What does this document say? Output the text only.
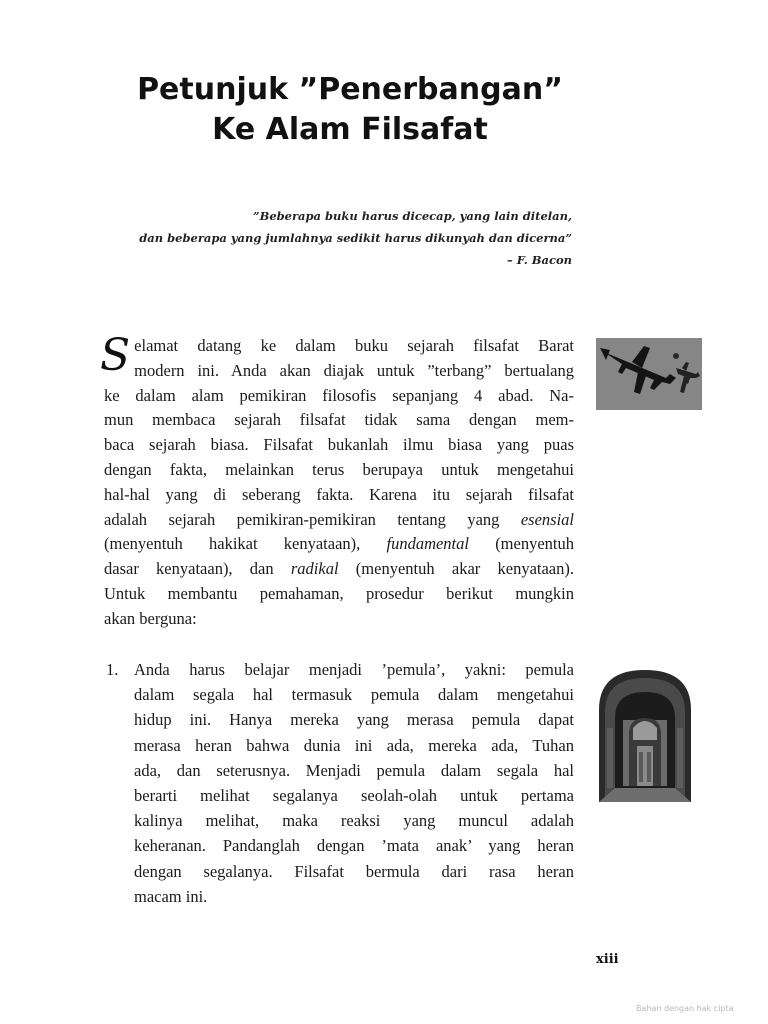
Petunjuk ”Penerbangan”
Ke Alam Filsafat
”Beberapa buku harus dicecap, yang lain ditelan,
dan beberapa yang jumlahnya sedikit harus dikunyah dan dicerna”
– F. Bacon
S elamat datang ke dalam buku sejarah filsafat Barat
modern ini. Anda akan diajak untuk ”terbang” bertualang
ke dalam alam pemikiran filosofis sepanjang 4 abad. Na-
mun membaca sejarah filsafat tidak sama dengan mem-
baca sejarah biasa. Filsafat bukanlah ilmu biasa yang puas
dengan fakta, melainkan terus berupaya untuk mengetahui
hal-hal yang di seberang fakta. Karena itu sejarah filsafat
adalah sejarah pemikiran-pemikiran tentang yang esensial
(menyentuh hakikat kenyataan), fundamental (menyentuh
dasar kenyataan), dan radikal (menyentuh akar kenyataan).
Untuk membantu pemahaman, prosedur berikut mungkin
akan berguna:
1. Anda harus belajar menjadi ’pemula’, yakni: pemula
dalam segala hal termasuk pemula dalam mengetahui
hidup ini. Hanya mereka yang merasa pemula dapat
merasa heran bahwa dunia ini ada, mereka ada, Tuhan
ada, dan seterusnya. Menjadi pemula dalam segala hal
berarti melihat segalanya seolah-olah untuk pertama
kalinya melihat, maka reaksi yang muncul adalah
keheranan. Pandanglah dengan ’mata anak’ yang heran
dengan segalanya. Filsafat bermula dari rasa heran
macam ini.
xiii
Bahan dengan hak cipta
